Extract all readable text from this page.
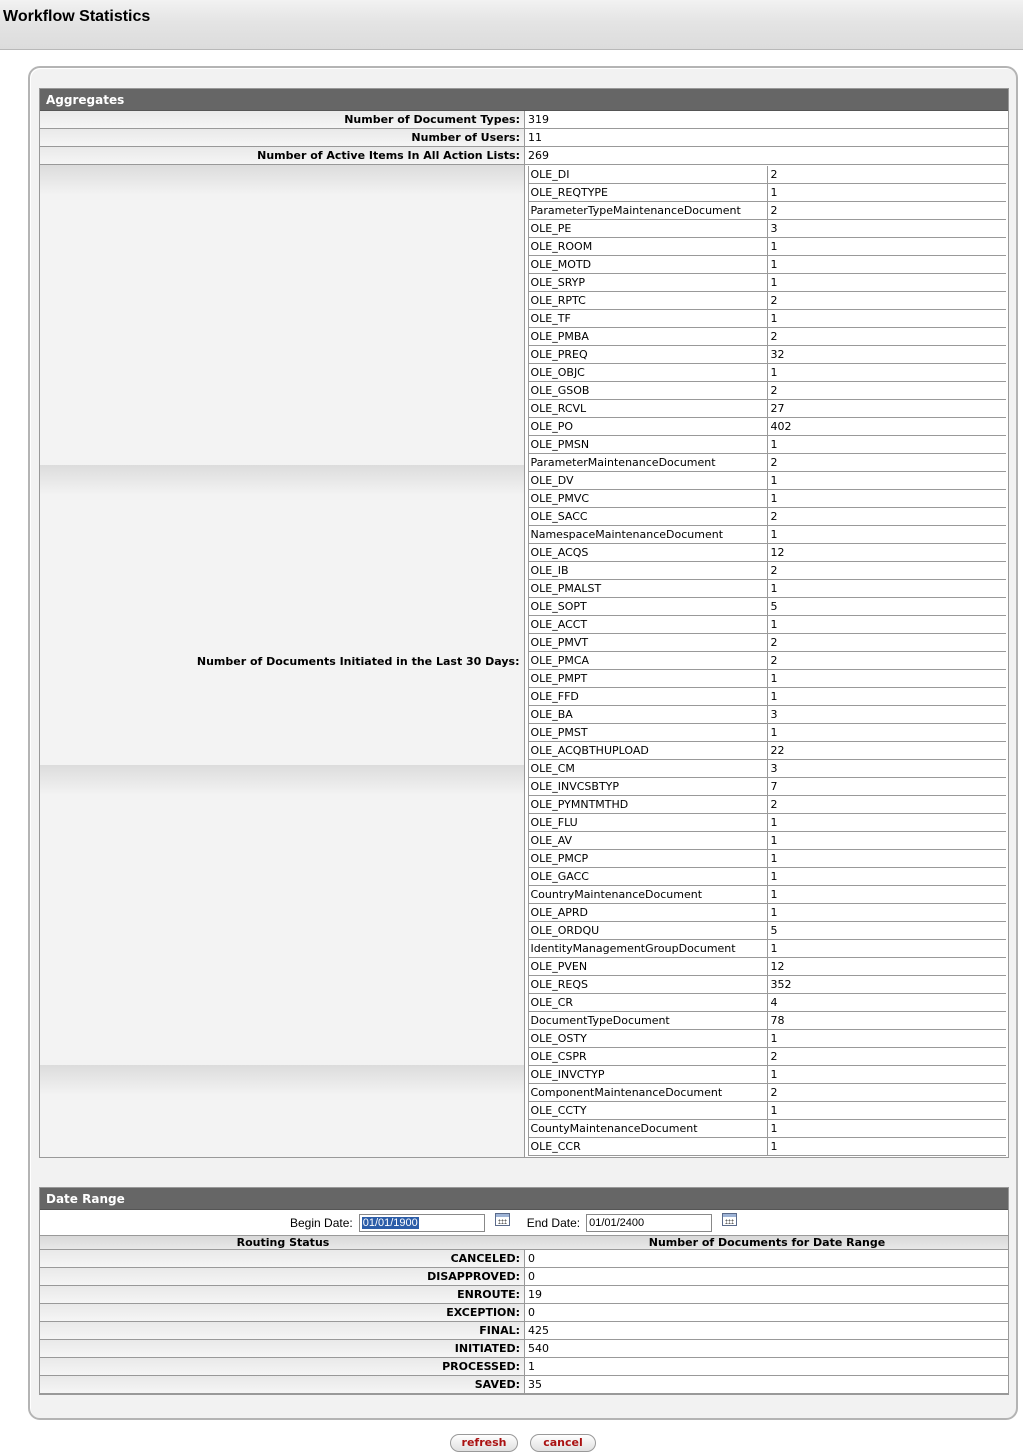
Workflow Statistics
Aggregates
Number of Document Types: 319
Number of Users: 11
Number of Active Items In All Action Lists: 269
Number of Documents Initiated in the Last 30 Days:
OLE_DI	2
OLE_REQTYPE	1
ParameterTypeMaintenanceDocument	2
OLE_PE	3
OLE_ROOM	1
OLE_MOTD	1
OLE_SRYP	1
OLE_RPTC	2
OLE_TF	1
OLE_PMBA	2
OLE_PREQ	32
OLE_OBJC	1
OLE_GSOB	2
OLE_RCVL	27
OLE_PO	402
OLE_PMSN	1
ParameterMaintenanceDocument	2
OLE_DV	1
OLE_PMVC	1
OLE_SACC	2
NamespaceMaintenanceDocument	1
OLE_ACQS	12
OLE_IB	2
OLE_PMALST	1
OLE_SOPT	5
OLE_ACCT	1
OLE_PMVT	2
OLE_PMCA	2
OLE_PMPT	1
OLE_FFD	1
OLE_BA	3
OLE_PMST	1
OLE_ACQBTHUPLOAD	22
OLE_CM	3
OLE_INVCSBTYP	7
OLE_PYMNTMTHD	2
OLE_FLU	1
OLE_AV	1
OLE_PMCP	1
OLE_GACC	1
CountryMaintenanceDocument	1
OLE_APRD	1
OLE_ORDQU	5
IdentityManagementGroupDocument	1
OLE_PVEN	12
OLE_REQS	352
OLE_CR	4
DocumentTypeDocument	78
OLE_OSTY	1
OLE_CSPR	2
OLE_INVCTYP	1
ComponentMaintenanceDocument	2
OLE_CCTY	1
CountyMaintenanceDocument	1
OLE_CCR	1
Date Range
Begin Date: 01/01/1900	End Date: 01/01/2400
Routing Status	Number of Documents for Date Range
CANCELED: 0
DISAPPROVED: 0
ENROUTE: 19
EXCEPTION: 0
FINAL: 425
INITIATED: 540
PROCESSED: 1
SAVED: 35
refresh	cancel
